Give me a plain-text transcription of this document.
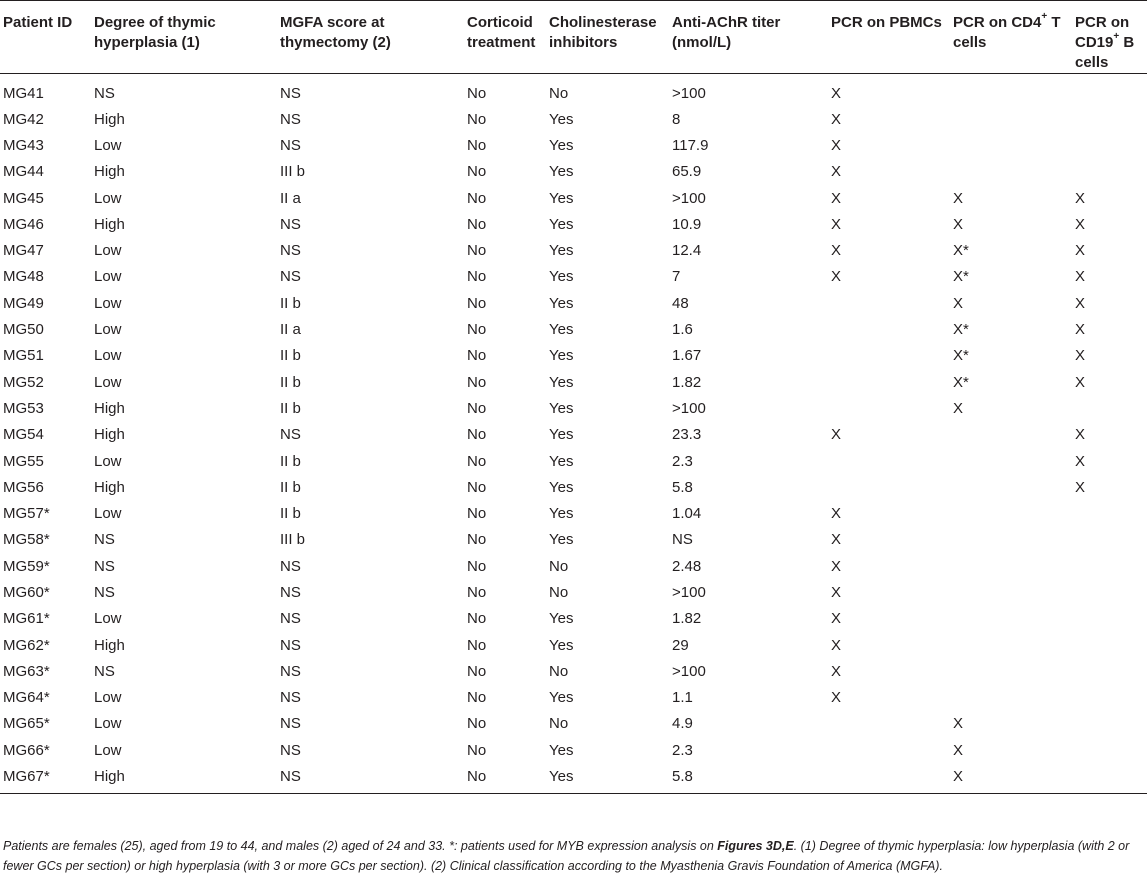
Patient ID	Degree of thymic hyperplasia (1)	MGFA score at thymectomy (2)	Corticoid treatment	Cholinesterase inhibitors	Anti-AChR titer (nmol/L)	PCR on PBMCs	PCR on CD4+ T cells	PCR on CD19+ B cells
MG41	NS	NS	No	No	>100	X		
MG42	High	NS	No	Yes	8	X		
MG43	Low	NS	No	Yes	117.9	X		
MG44	High	III b	No	Yes	65.9	X		
MG45	Low	II a	No	Yes	>100	X	X	X
MG46	High	NS	No	Yes	10.9	X	X	X
MG47	Low	NS	No	Yes	12.4	X	X*	X
MG48	Low	NS	No	Yes	7	X	X*	X
MG49	Low	II b	No	Yes	48		X	X
MG50	Low	II a	No	Yes	1.6		X*	X
MG51	Low	II b	No	Yes	1.67		X*	X
MG52	Low	II b	No	Yes	1.82		X*	X
MG53	High	II b	No	Yes	>100		X	
MG54	High	NS	No	Yes	23.3	X		X
MG55	Low	II b	No	Yes	2.3			X
MG56	High	II b	No	Yes	5.8			X
MG57*	Low	II b	No	Yes	1.04	X		
MG58*	NS	III b	No	Yes	NS	X		
MG59*	NS	NS	No	No	2.48	X		
MG60*	NS	NS	No	No	>100	X		
MG61*	Low	NS	No	Yes	1.82	X		
MG62*	High	NS	No	Yes	29	X		
MG63*	NS	NS	No	No	>100	X		
MG64*	Low	NS	No	Yes	1.1	X		
MG65*	Low	NS	No	No	4.9		X	
MG66*	Low	NS	No	Yes	2.3		X	
MG67*	High	NS	No	Yes	5.8		X	

Patients are females (25), aged from 19 to 44, and males (2) aged of 24 and 33. *: patients used for MYB expression analysis on Figures 3D,E. (1) Degree of thymic hyperplasia: low hyperplasia (with 2 or fewer GCs per section) or high hyperplasia (with 3 or more GCs per section). (2) Clinical classification according to the Myasthenia Gravis Foundation of America (MGFA).
